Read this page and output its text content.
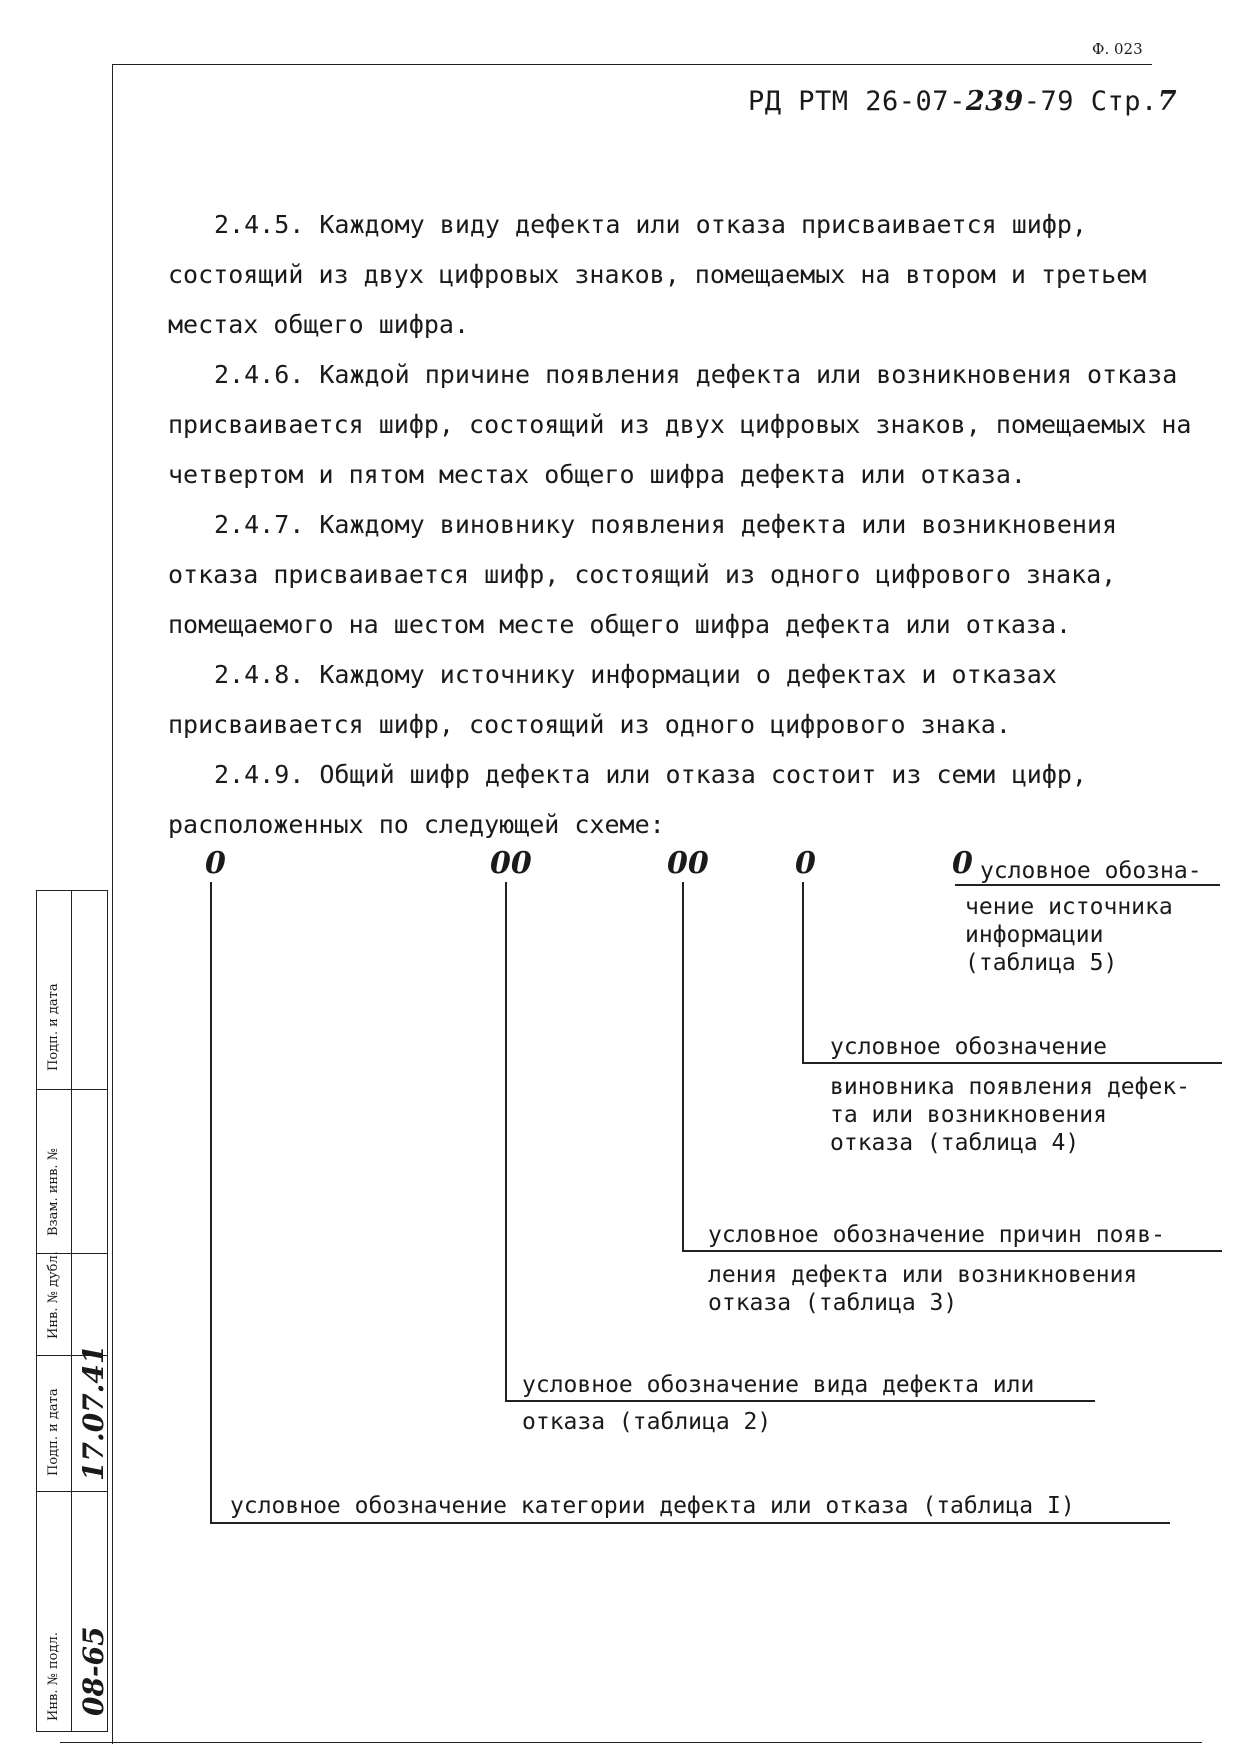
Ф. 023
РД РТМ 26-07-239-79 Стр.7

2.4.5. Каждому виду дефекта или отказа присваивается шифр, состоящий из двух цифровых знаков, помещаемых на втором и третьем местах общего шифра.

2.4.6. Каждой причине появления дефекта или возникновения отказа присваивается шифр, состоящий из двух цифровых знаков, помещаемых на четвертом и пятом местах общего шифра дефекта или отказа.

2.4.7. Каждому виновнику появления дефекта или возникновения отказа присваивается шифр, состоящий из одного цифрового знака, помещаемого на шестом месте общего шифра дефекта или отказа.

2.4.8. Каждому источнику информации о дефектах и отказах присваивается шифр, состоящий из одного цифрового знака.

2.4.9. Общий шифр дефекта или отказа состоит из семи цифр, расположенных по следующей схеме:

0	00	00	0	0 условное обозна-
чение источника
информации
(таблица 5)
условное обозначение
виновника появления дефек-
та или возникновения
отказа (таблица 4)
условное обозначение причин появ-
ления дефекта или возникновения
отказа (таблица 3)
условное обозначение вида дефекта или
отказа (таблица 2)
условное обозначение категории дефекта или отказа (таблица I)
Подп. и дата
Взам. инв. №
Инв. № дубл.
Подп. и дата
Инв. № подл.
17.07.41
08-65
